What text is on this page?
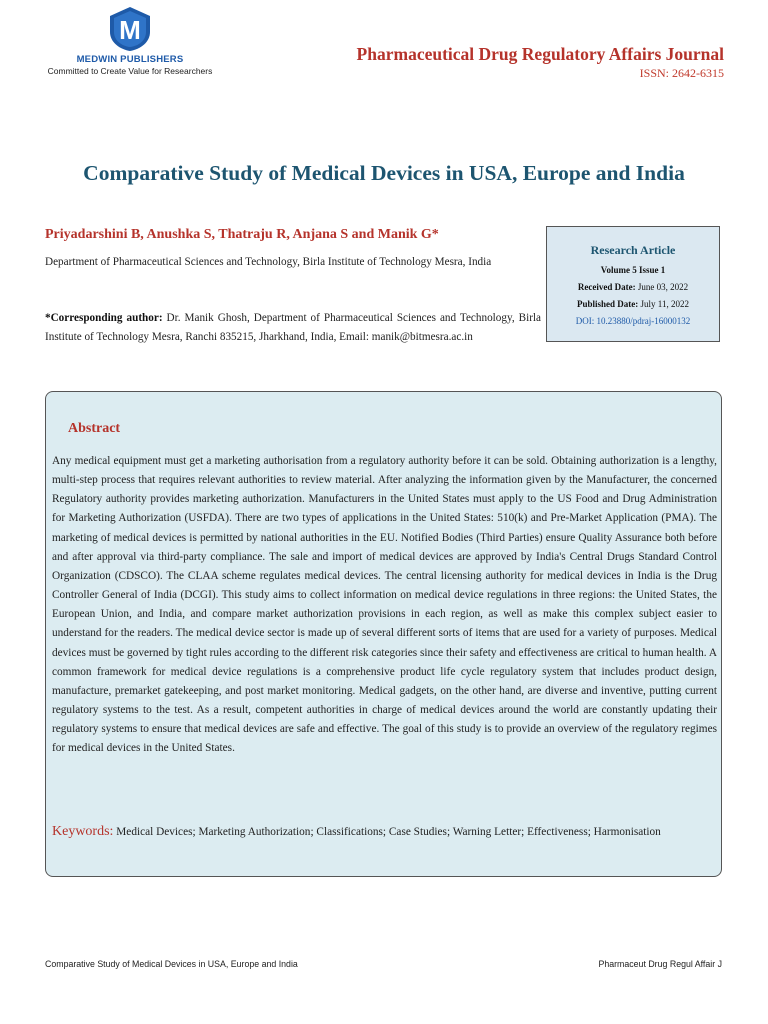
M
MEDWIN PUBLISHERS
Committed to Create Value for Researchers
Pharmaceutical Drug Regulatory Affairs Journal
ISSN: 2642-6315
Comparative Study of Medical Devices in USA, Europe and India
Priyadarshini B, Anushka S, Thatraju R, Anjana S and Manik G*
Department of Pharmaceutical Sciences and Technology, Birla Institute of Technology Mesra, India
*Corresponding author: Dr. Manik Ghosh, Department of Pharmaceutical Sciences and Technology, Birla Institute of Technology Mesra, Ranchi 835215, Jharkhand, India, Email: manik@bitmesra.ac.in
Research Article
Volume 5 Issue 1
Received Date: June 03, 2022
Published Date: July 11, 2022
DOI: 10.23880/pdraj-16000132
Abstract
Any medical equipment must get a marketing authorisation from a regulatory authority before it can be sold. Obtaining authorization is a lengthy, multi-step process that requires relevant authorities to review material. After analyzing the information given by the Manufacturer, the concerned Regulatory authority provides marketing authorization. Manufacturers in the United States must apply to the US Food and Drug Administration for Marketing Authorization (USFDA). There are two types of applications in the United States: 510(k) and Pre-Market Application (PMA). The marketing of medical devices is permitted by national authorities in the EU. Notified Bodies (Third Parties) ensure Quality Assurance both before and after approval via third-party compliance. The sale and import of medical devices are approved by India's Central Drugs Standard Control Organization (CDSCO). The CLAA scheme regulates medical devices. The central licensing authority for medical devices in India is the Drug Controller General of India (DCGI). This study aims to collect information on medical device regulations in three regions: the United States, the European Union, and India, and compare market authorization provisions in each region, as well as make this complex subject easier to understand for the readers. The medical device sector is made up of several different sorts of items that are used for a variety of purposes. Medical devices must be governed by tight rules according to the different risk categories since their safety and effectiveness are critical to human health. A common framework for medical device regulations is a comprehensive product life cycle regulatory system that includes product design, manufacture, premarket gatekeeping, and post market monitoring. Medical gadgets, on the other hand, are diverse and inventive, putting current regulatory systems to the test. As a result, competent authorities in charge of medical devices around the world are constantly updating their regulatory systems to ensure that medical devices are safe and effective. The goal of this study is to provide an overview of the regulatory regimes for medical devices in the United States.
Keywords: Medical Devices; Marketing Authorization; Classifications; Case Studies; Warning Letter; Effectiveness; Harmonisation
Comparative Study of Medical Devices in USA, Europe and India	Pharmaceut Drug Regul Affair J
